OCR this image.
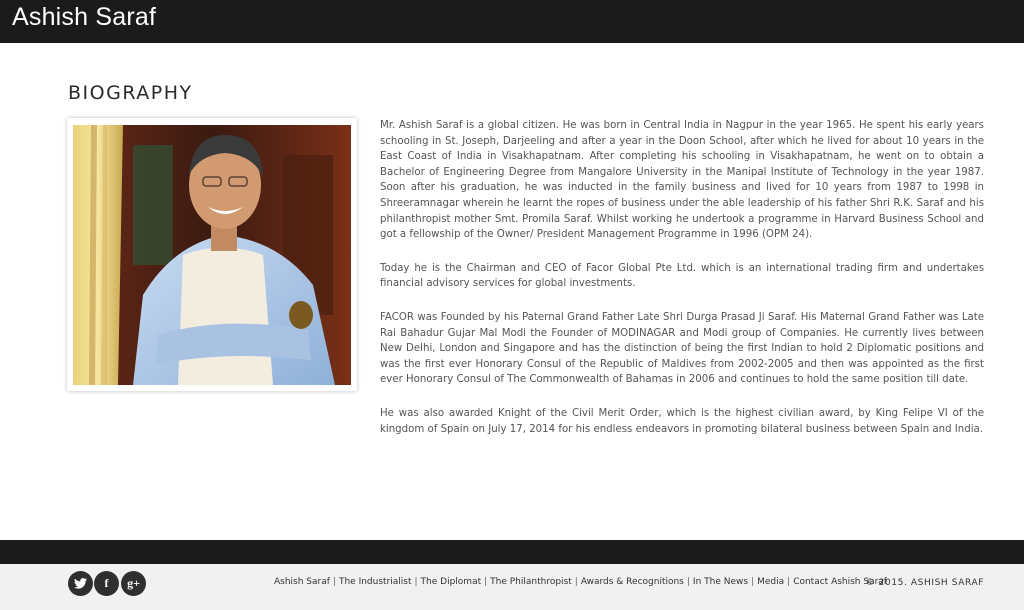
Ashish Saraf
BIOGRAPHY

Mr. Ashish Saraf is a global citizen. He was born in Central India in Nagpur in the year 1965. He spent his early years schooling in St. Joseph, Darjeeling and after a year in the Doon School, after which he lived for about 10 years in the East Coast of India in Visakhapatnam. After completing his schooling in Visakhapatnam, he went on to obtain a Bachelor of Engineering Degree from Mangalore University in the Manipal Institute of Technology in the year 1987. Soon after his graduation, he was inducted in the family business and lived for 10 years from 1987 to 1998 in Shreeramnagar wherein he learnt the ropes of business under the able leadership of his father Shri R.K. Saraf and his philanthropist mother Smt. Promila Saraf. Whilst working he undertook a programme in Harvard Business School and got a fellowship of the Owner/ President Management Programme in 1996 (OPM 24).

Today he is the Chairman and CEO of Facor Global Pte Ltd. which is an international trading firm and undertakes financial advisory services for global investments.

FACOR was Founded by his Paternal Grand Father Late Shri Durga Prasad Ji Saraf. His Maternal Grand Father was Late Rai Bahadur Gujar Mal Modi the Founder of MODINAGAR and Modi group of Companies. He currently lives between New Delhi, London and Singapore and has the distinction of being the first Indian to hold 2 Diplomatic positions and was the first ever Honorary Consul of the Republic of Maldives from 2002-2005 and then was appointed as the first ever Honorary Consul of The Commonwealth of Bahamas in 2006 and continues to hold the same position till date.

He was also awarded Knight of the Civil Merit Order, which is the highest civilian award, by King Felipe VI of the kingdom of Spain on July 17, 2014 for his endless endeavors in promoting bilateral business between Spain and India.

f	g+	Ashish Saraf | The Industrialist | The Diplomat | The Philanthropist | Awards & Recognitions | In The News | Media | Contact Ashish Saraf
© 2015. ASHISH SARAF
